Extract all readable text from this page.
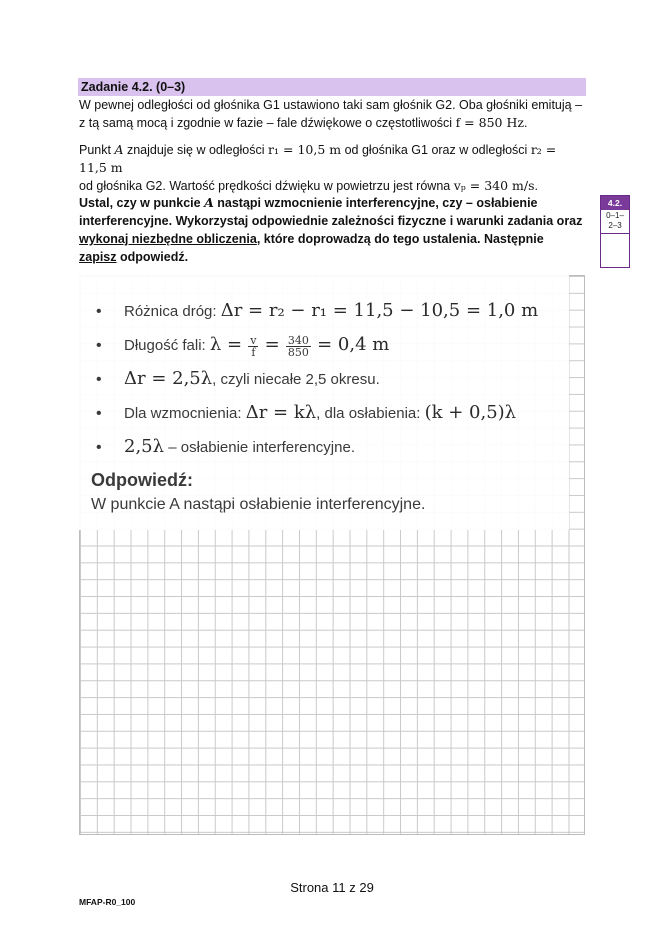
Zadanie 4.2. (0–3)
W pewnej odległości od głośnika G1 ustawiono taki sam głośnik G2. Oba głośniki emitują –
z tą samą mocą i zgodnie w fazie – fale dźwiękowe o częstotliwości f = 850 Hz.
Punkt A znajduje się w odległości r₁ = 10,5 m od głośnika G1 oraz w odległości r₂ = 11,5 m
od głośnika G2. Wartość prędkości dźwięku w powietrzu jest równa vₚ = 340 m/s.
Ustal, czy w punkcie A nastąpi wzmocnienie interferencyjne, czy – osłabienie interferencyjne. Wykorzystaj odpowiednie zależności fizyczne i warunki zadania oraz wykonaj niezbędne obliczenia, które doprowadzą do tego ustalenia. Następnie zapisz odpowiedź.
4.2.
0–1–
2–3
• Różnica dróg: Δr = r₂ − r₁ = 11,5 − 10,5 = 1,0 m
• Długość fali: $\lambda = \frac{v}{f} = \frac{340}{850} = 0,4$ m
• Δr = 2,5λ, czyli niecałe 2,5 okresu.
• Dla wzmocnienia: Δr = kλ, dla osłabienia: (k + 0,5)λ
• 2,5λ – osłabienie interferencyjne.
Odpowiedź:
W punkcie A nastąpi osłabienie interferencyjne.
Strona 11 z 29
MFAP-R0_100
